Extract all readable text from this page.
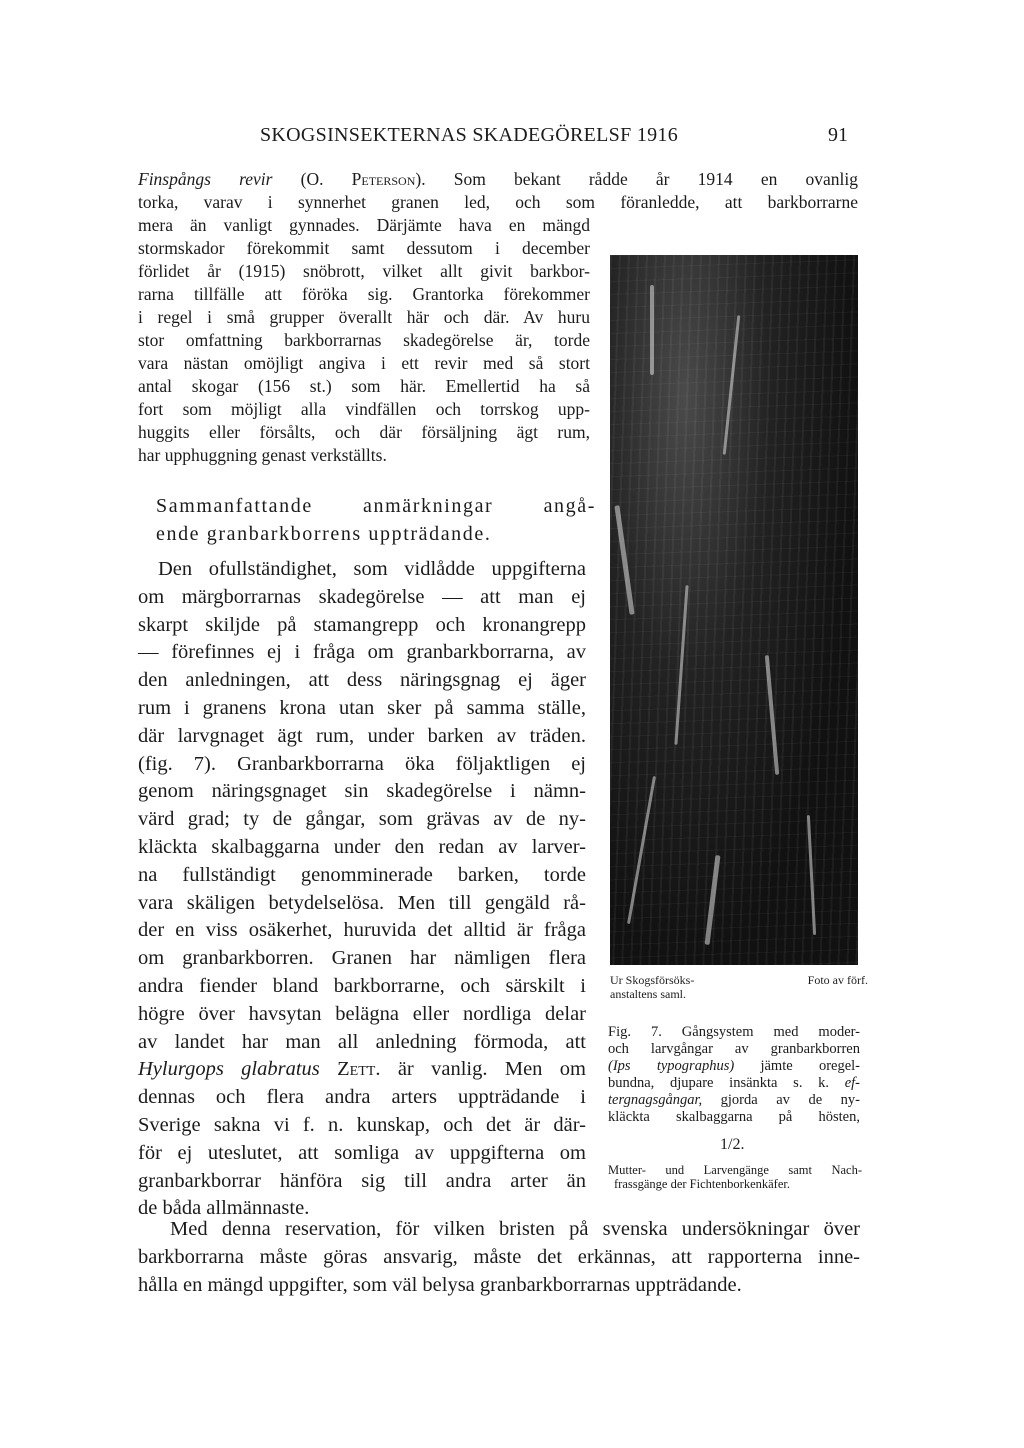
SKOGSINSEKTERNAS SKADEGÖRELSF 1916	91
Finspångs revir (O. Peterson). Som bekant rådde år 1914 en ovanlig
torka, varav i synnerhet granen led, och som föranledde, att barkborrarne
mera än vanligt gynnades. Därjämte hava en mängd
stormskador förekommit samt dessutom i december
förlidet år (1915) snöbrott, vilket allt givit barkbor-
rarna tillfälle att föröka sig. Grantorka förekommer
i regel i små grupper överallt här och där. Av huru
stor omfattning barkborrarnas skadegörelse är, torde
vara nästan omöjligt angiva i ett revir med så stort
antal skogar (156 st.) som här. Emellertid ha så
fort som möjligt alla vindfällen och torrskog upp-
huggits eller försålts, och där försäljning ägt rum,
har upphuggning genast verkställts.
Sammanfattande anmärkningar angå-
ende granbarkborrens uppträdande.
Den ofullständighet, som vidlådde uppgifterna
om märgborrarnas skadegörelse — att man ej
skarpt skiljde på stamangrepp och kronangrepp
— förefinnes ej i fråga om granbarkborrarna, av
den anledningen, att dess näringsgnag ej äger
rum i granens krona utan sker på samma ställe,
där larvgnaget ägt rum, under barken av träden.
(fig. 7). Granbarkborrarna öka följaktligen ej
genom näringsgnaget sin skadegörelse i nämn-
värd grad; ty de gångar, som grävas av de ny-
kläckta skalbaggarna under den redan av larver-
na fullständigt genomminerade barken, torde
vara skäligen betydelselösa. Men till gengäld rå-
der en viss osäkerhet, huruvida det alltid är fråga
om granbarkborren. Granen har nämligen flera
andra fiender bland barkborrarne, och särskilt i
högre över havsytan belägna eller nordliga delar
av landet har man all anledning förmoda, att
Hylurgops glabratus Zett. är vanlig. Men om
dennas och flera andra arters uppträdande i
Sverige sakna vi f. n. kunskap, och det är där-
för ej uteslutet, att somliga av uppgifterna om
granbarkborrar hänföra sig till andra arter än
de båda allmännaste.
Med denna reservation, för vilken bristen på svenska undersökningar över
barkborrarna måste göras ansvarig, måste det erkännas, att rapporterna inne-
hålla en mängd uppgifter, som väl belysa granbarkborrarnas uppträdande.
Ur Skogsförsöks-
anstaltens saml.
Foto av förf.
Fig. 7. Gångsystem med moder-
och larvgångar av granbarkborren
(Ips typographus) jämte oregel-
bundna, djupare insänkta s. k. ef-
tergnagsgångar, gjorda av de ny-
kläckta skalbaggarna på hösten,
1/2.
Mutter- und Larvengänge samt Nach-
frassgänge der Fichtenborkenkäfer.
